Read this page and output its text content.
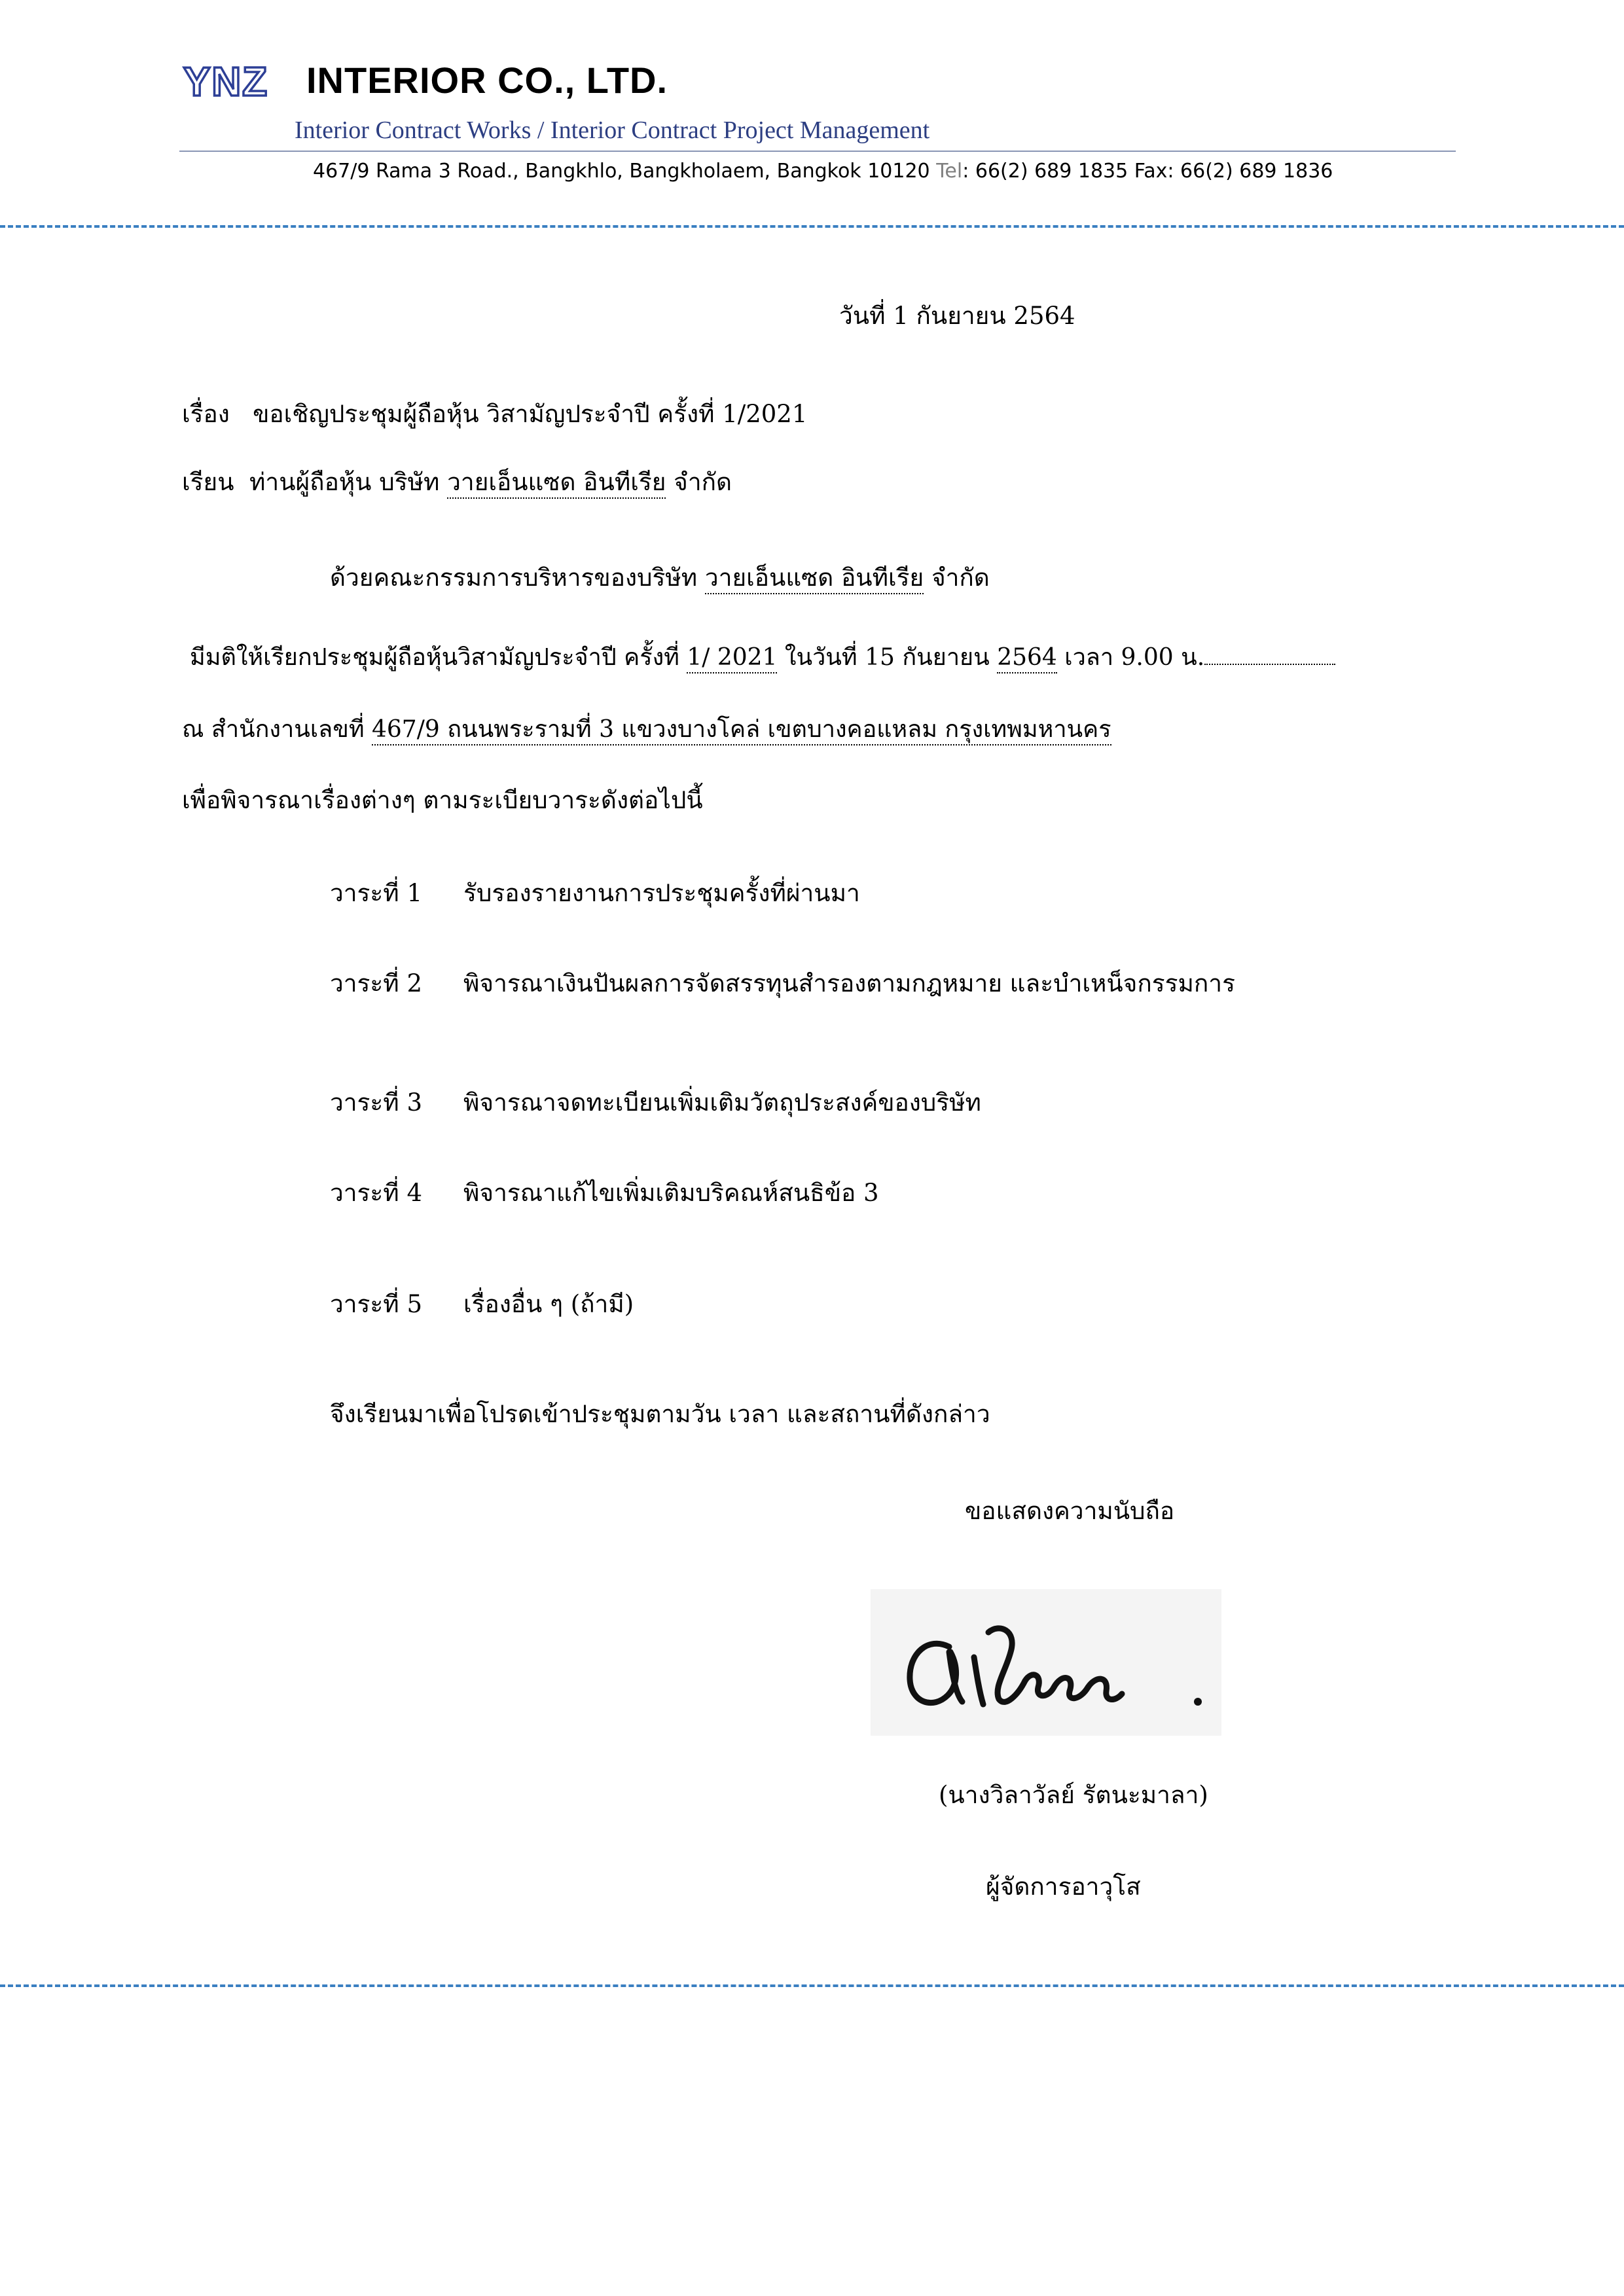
YNZ INTERIOR CO., LTD.
Interior Contract Works / Interior Contract Project Management
467/9 Rama 3 Road., Bangkhlo, Bangkholaem, Bangkok 10120 Tel: 66(2) 689 1835 Fax: 66(2) 689 1836
วันที่ 1 กันยายน 2564
เรื่อง ขอเชิญประชุมผู้ถือหุ้น วิสามัญประจำปี ครั้งที่ 1/2021
เรียน ท่านผู้ถือหุ้น บริษัท วายเอ็นแซด อินทีเรีย จำกัด
ด้วยคณะกรรมการบริหารของบริษัท วายเอ็นแซด อินทีเรีย จำกัด
มีมติให้เรียกประชุมผู้ถือหุ้นวิสามัญประจำปี ครั้งที่ 1/ 2021 ในวันที่ 15 กันยายน 2564 เวลา 9.00 น.
ณ สำนักงานเลขที่ 467/9 ถนนพระรามที่ 3 แขวงบางโคล่ เขตบางคอแหลม กรุงเทพมหานคร
เพื่อพิจารณาเรื่องต่างๆ ตามระเบียบวาระดังต่อไปนี้
วาระที่ 1 รับรองรายงานการประชุมครั้งที่ผ่านมา
วาระที่ 2 พิจารณาเงินปันผลการจัดสรรทุนสำรองตามกฎหมาย และบำเหน็จกรรมการ
วาระที่ 3 พิจารณาจดทะเบียนเพิ่มเติมวัตถุประสงค์ของบริษัท
วาระที่ 4 พิจารณาแก้ไขเพิ่มเติมบริคณห์สนธิข้อ 3
วาระที่ 5 เรื่องอื่น ๆ (ถ้ามี)
จึงเรียนมาเพื่อโปรดเข้าประชุมตามวัน เวลา และสถานที่ดังกล่าว
ขอแสดงความนับถือ
(นางวิลาวัลย์ รัตนะมาลา)
ผู้จัดการอาวุโส
